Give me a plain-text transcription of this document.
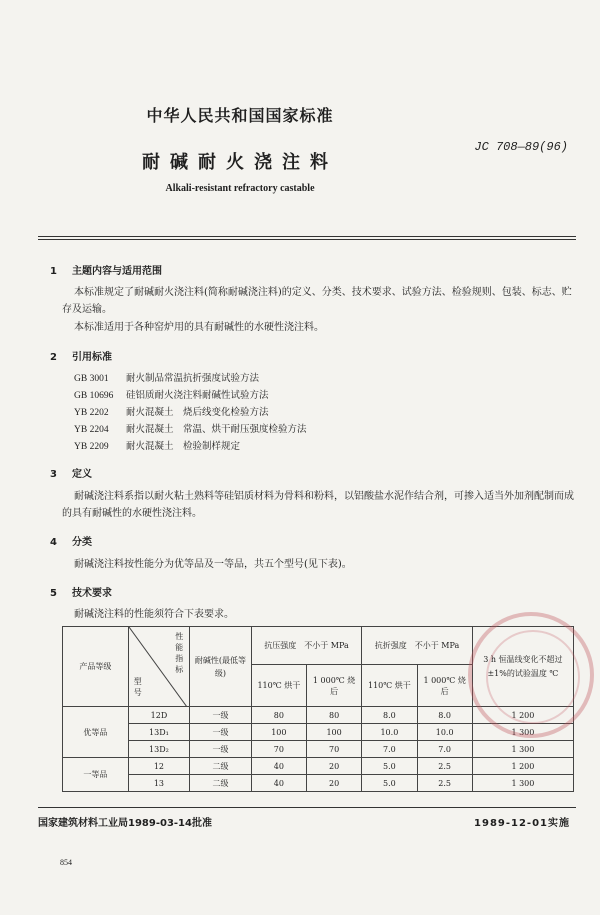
中华人民共和国国家标准
JC 708—89(96)
耐碱耐火浇注料
Alkali-resistant refractory castable
1 主题内容与适用范围
本标准规定了耐碱耐火浇注料(简称耐碱浇注料)的定义、分类、技术要求、试验方法、检验规则、包装、标志、贮存及运输。
本标准适用于各种窑炉用的具有耐碱性的水硬性浇注料。
2 引用标准
GB 3001 耐火制品常温抗折强度试验方法
GB 10696 硅铝质耐火浇注料耐碱性试验方法
YB 2202 耐火混凝土　烧后线变化检验方法
YB 2204 耐火混凝土　常温、烘干耐压强度检验方法
YB 2209 耐火混凝土　检验制样规定
3 定义
耐碱浇注料系指以耐火粘土熟料等硅铝质材料为骨料和粉料，以铝酸盐水泥作结合剂，可掺入适当外加剂配制而成的具有耐碱性的水硬性浇注料。
4 分类
耐碱浇注料按性能分为优等品及一等品，共五个型号(见下表)。
5 技术要求
耐碱浇注料的性能须符合下表要求。
产品等级	性能指标
型号	耐碱性(最低等级)	抗压强度　不小于 MPa		抗折强度　不小于 MPa		3 h 恒温线变化不超过±1%的试验温度 ℃
			110℃ 烘干	1 000℃ 烧后	110℃ 烘干	1 000℃ 烧后	
优等品	12D	一级	80	80	8.0	8.0	1 200
	13D₁	一级	100	100	10.0	10.0	1 300
	13D₂	一级	70	70	7.0	7.0	1 300
一等品	12	二级	40	20	5.0	2.5	1 200
	13	二级	40	20	5.0	2.5	1 300
国家建筑材料工业局1989-03-14批准	1989-12-01实施
854
